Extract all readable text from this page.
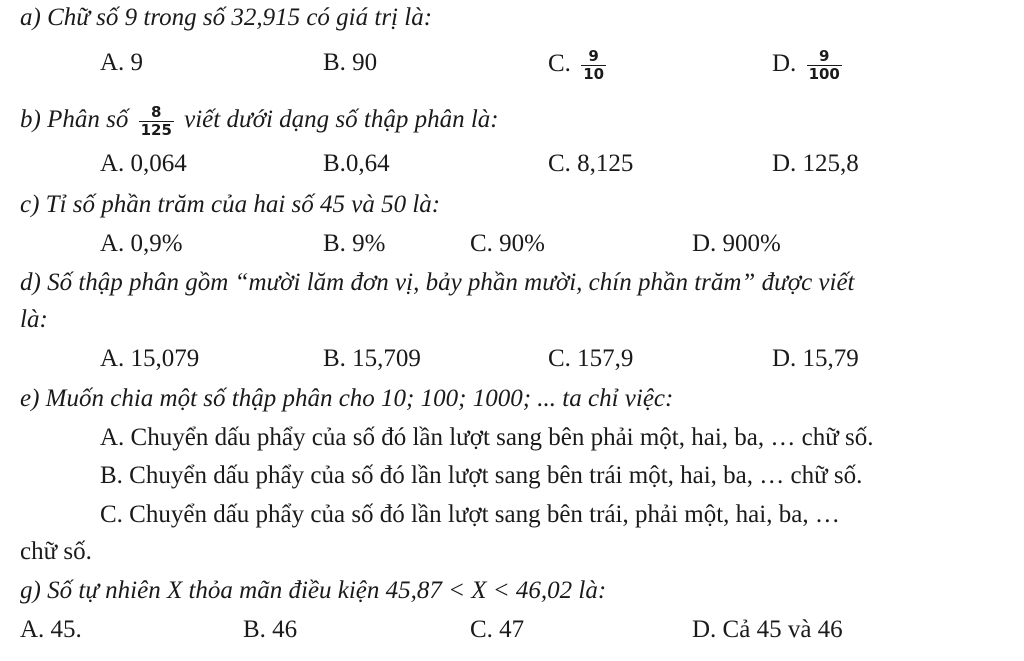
a) Chữ số 9 trong số 32,915 có giá trị là:
A. 9	B. 90	C. $\frac{9}{10}$	D. $\frac{9}{100}$
b) Phân số $\frac{8}{125}$ viết dưới dạng số thập phân là:
A. 0,064	B.0,64	C. 8,125	D. 125,8
c) Tỉ số phần trăm của hai số 45 và 50 là:
A. 0,9%	B. 9%	C. 90%	D. 900%
d) Số thập phân gồm “mười lăm đơn vị, bảy phần mười, chín phần trăm” được viết
là:
A. 15,079	B. 15,709	C. 157,9	D. 15,79
e) Muốn chia một số thập phân cho 10; 100; 1000; ... ta chỉ việc:
A. Chuyển dấu phẩy của số đó lần lượt sang bên phải một, hai, ba, … chữ số.
B. Chuyển dấu phẩy của số đó lần lượt sang bên trái một, hai, ba, … chữ số.
C. Chuyển dấu phẩy của số đó lần lượt sang bên trái, phải một, hai, ba, …
chữ số.
g) Số tự nhiên X thỏa mãn điều kiện 45,87 < X < 46,02 là:
A. 45.	B. 46	C. 47	D. Cả 45 và 46
